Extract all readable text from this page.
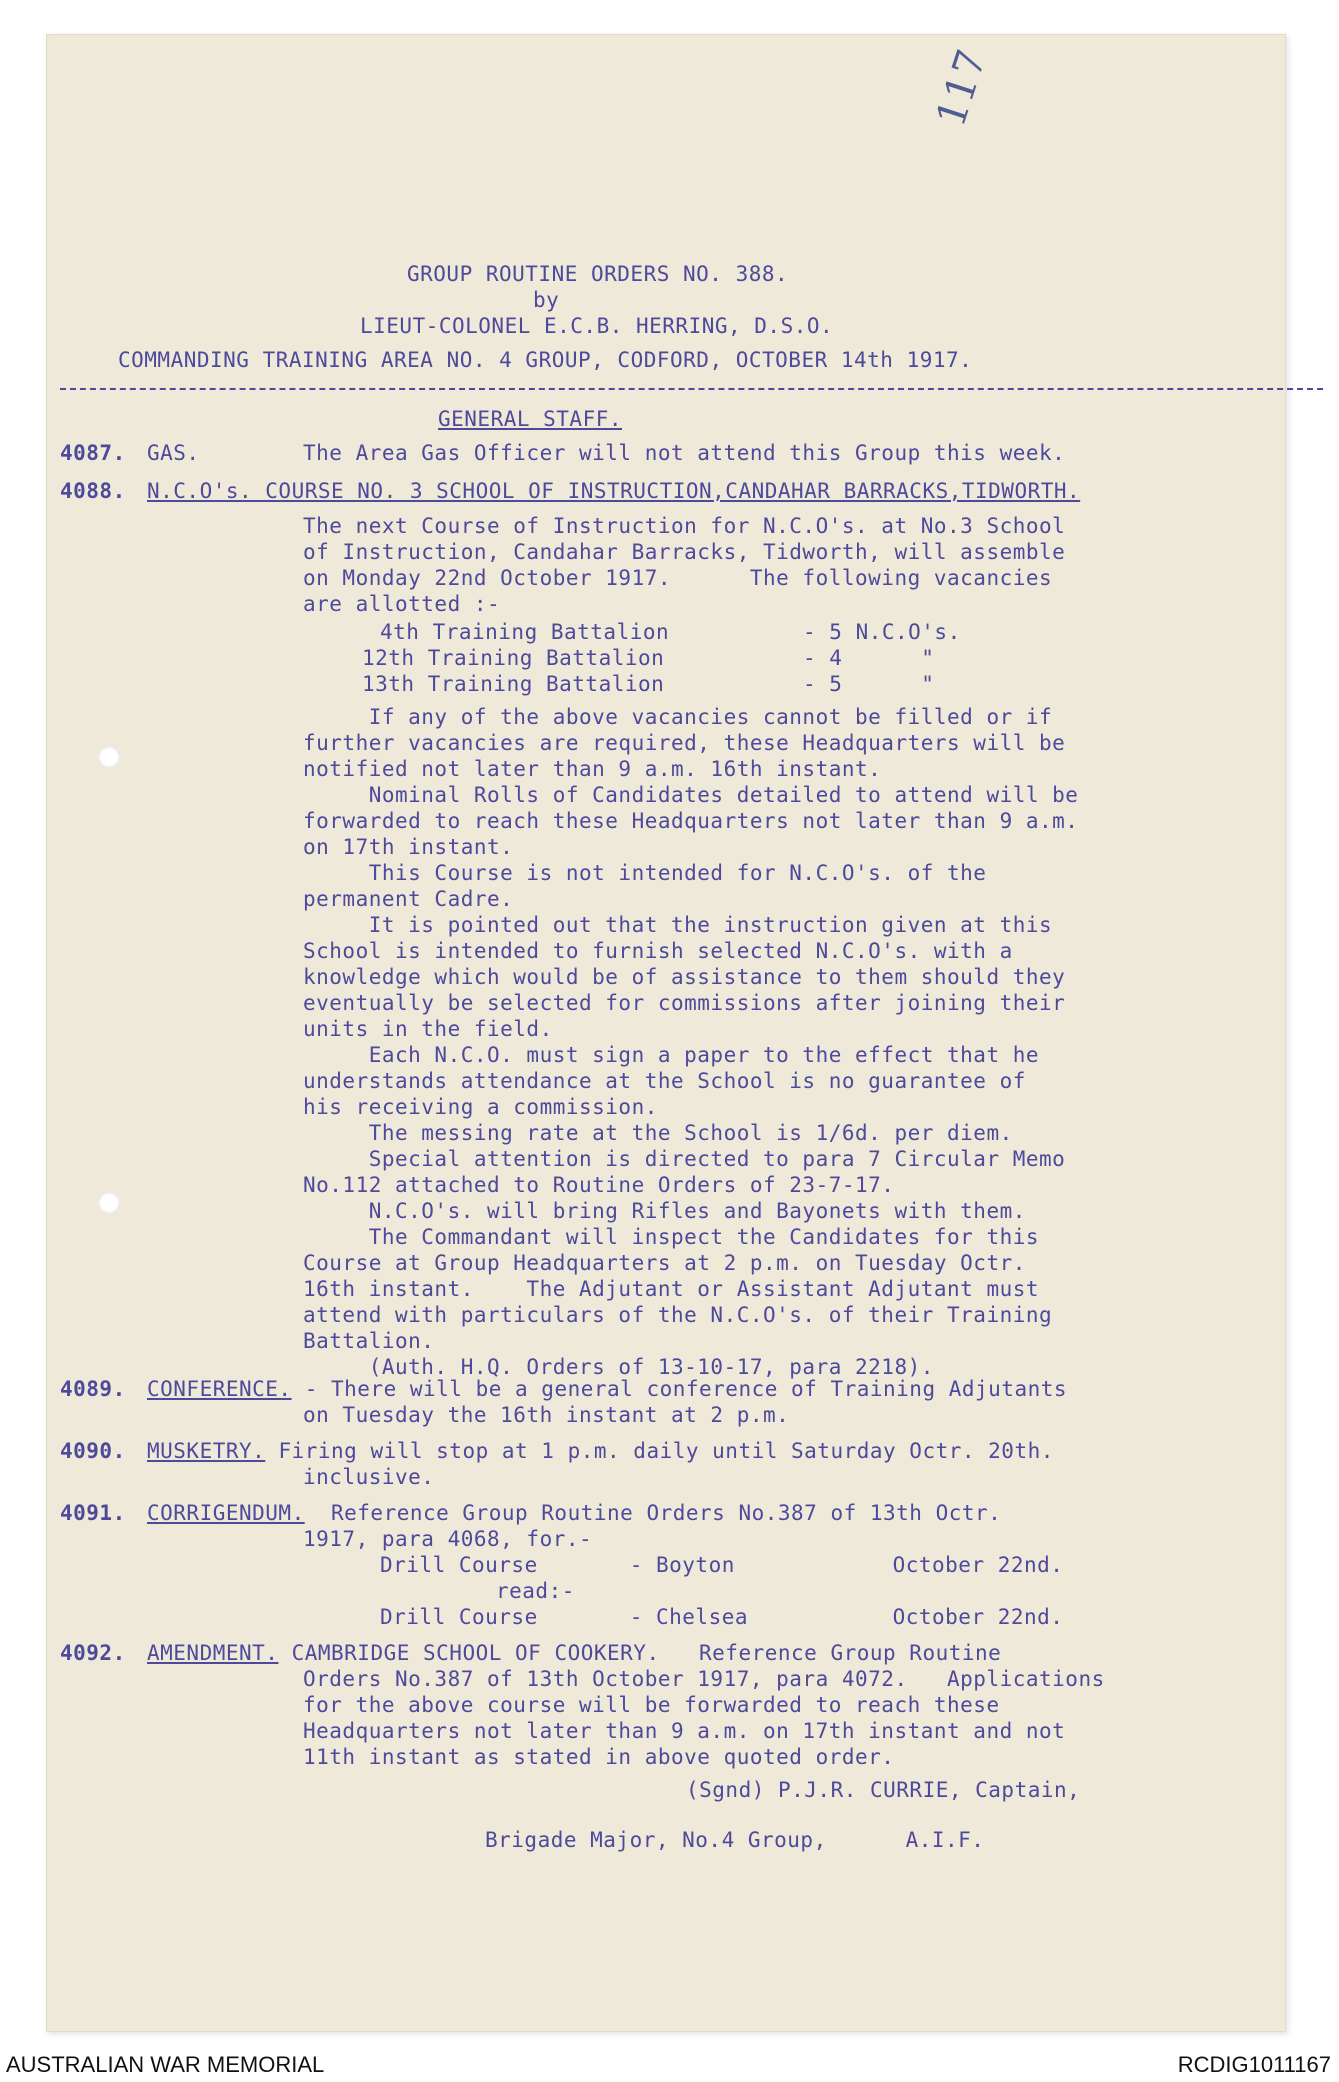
117
GROUP ROUTINE ORDERS NO. 388.
by
LIEUT-COLONEL E.C.B. HERRING, D.S.O.
COMMANDING TRAINING AREA NO. 4 GROUP, CODFORD, OCTOBER 14th 1917.
GENERAL STAFF.
4087. GAS.	The Area Gas Officer will not attend this Group this week.
4088. N.C.O's. COURSE NO. 3 SCHOOL OF INSTRUCTION,CANDAHAR BARRACKS,TIDWORTH.
The next Course of Instruction for N.C.O's. at No.3 School
of Instruction, Candahar Barracks, Tidworth, will assemble
on Monday 22nd October 1917.      The following vacancies
are allotted :-
4th Training Battalion	- 5 N.C.O's.
12th Training Battalion	- 4      "
13th Training Battalion	- 5      "
If any of the above vacancies cannot be filled or if
further vacancies are required, these Headquarters will be
notified not later than 9 a.m. 16th instant.
Nominal Rolls of Candidates detailed to attend will be
forwarded to reach these Headquarters not later than 9 a.m.
on 17th instant.
This Course is not intended for N.C.O's. of the
permanent Cadre.
It is pointed out that the instruction given at this
School is intended to furnish selected N.C.O's. with a
knowledge which would be of assistance to them should they
eventually be selected for commissions after joining their
units in the field.
Each N.C.O. must sign a paper to the effect that he
understands attendance at the School is no guarantee of
his receiving a commission.
The messing rate at the School is 1/6d. per diem.
Special attention is directed to para 7 Circular Memo
No.112 attached to Routine Orders of 23-7-17.
N.C.O's. will bring Rifles and Bayonets with them.
The Commandant will inspect the Candidates for this
Course at Group Headquarters at 2 p.m. on Tuesday Octr.
16th instant.    The Adjutant or Assistant Adjutant must
attend with particulars of the N.C.O's. of their Training
Battalion.
(Auth. H.Q. Orders of 13-10-17, para 2218).
4089. CONFERENCE. - There will be a general conference of Training Adjutants
on Tuesday the 16th instant at 2 p.m.
4090. MUSKETRY. Firing will stop at 1 p.m. daily until Saturday Octr. 20th.
inclusive.
4091. CORRIGENDUM.  Reference Group Routine Orders No.387 of 13th Octr.
1917, para 4068, for.-
Drill Course       - Boyton            October 22nd.
read:-
Drill Course       - Chelsea           October 22nd.
4092. AMENDMENT. CAMBRIDGE SCHOOL OF COOKERY.   Reference Group Routine
Orders No.387 of 13th October 1917, para 4072.   Applications
for the above course will be forwarded to reach these
Headquarters not later than 9 a.m. on 17th instant and not
11th instant as stated in above quoted order.
(Sgnd) P.J.R. CURRIE, Captain,
Brigade Major, No.4 Group,      A.I.F.
AUSTRALIAN WAR MEMORIAL	RCDIG1011167
